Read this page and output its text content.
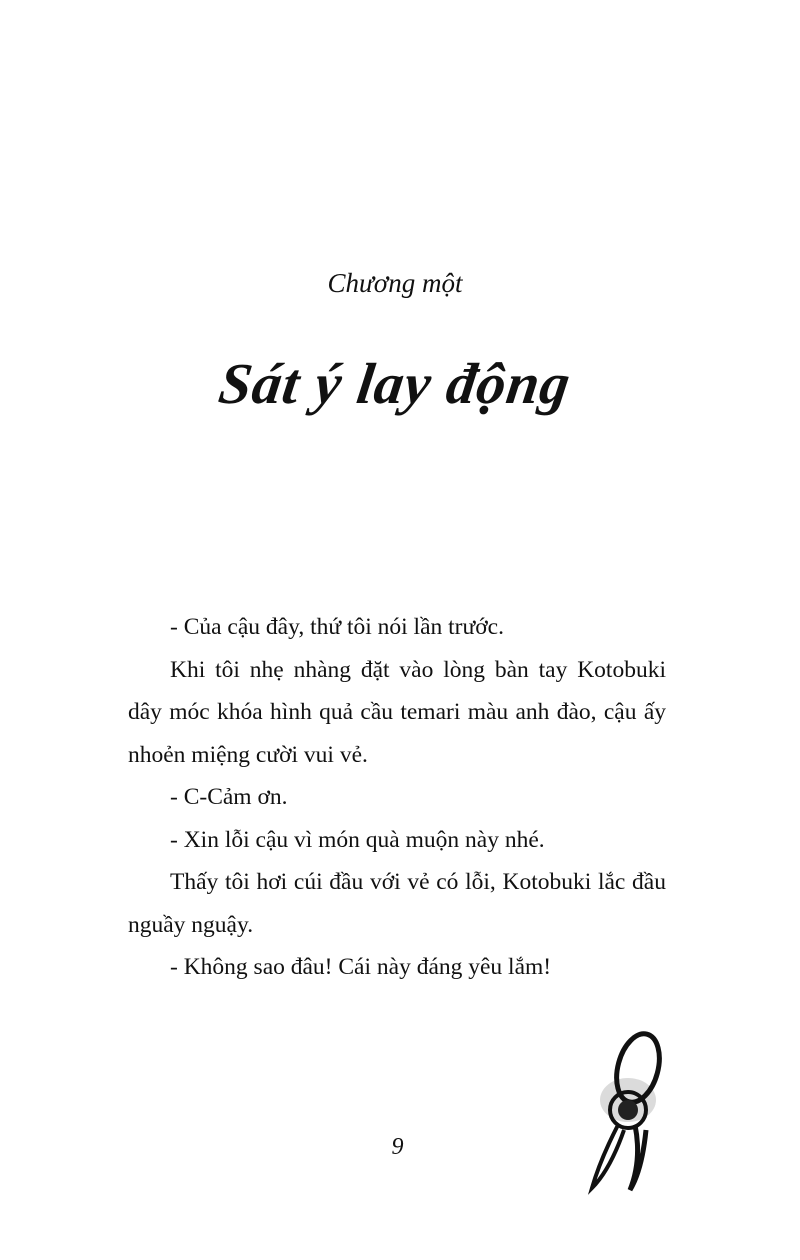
Chương một
Sát ý lay động

- Của cậu đây, thứ tôi nói lần trước.

Khi tôi nhẹ nhàng đặt vào lòng bàn tay Kotobuki dây móc khóa hình quả cầu temari màu anh đào, cậu ấy nhoẻn miệng cười vui vẻ.

- C-Cảm ơn.

- Xin lỗi cậu vì món quà muộn này nhé.

Thấy tôi hơi cúi đầu với vẻ có lỗi, Kotobuki lắc đầu nguầy nguậy.

- Không sao đâu! Cái này đáng yêu lắm!

9
